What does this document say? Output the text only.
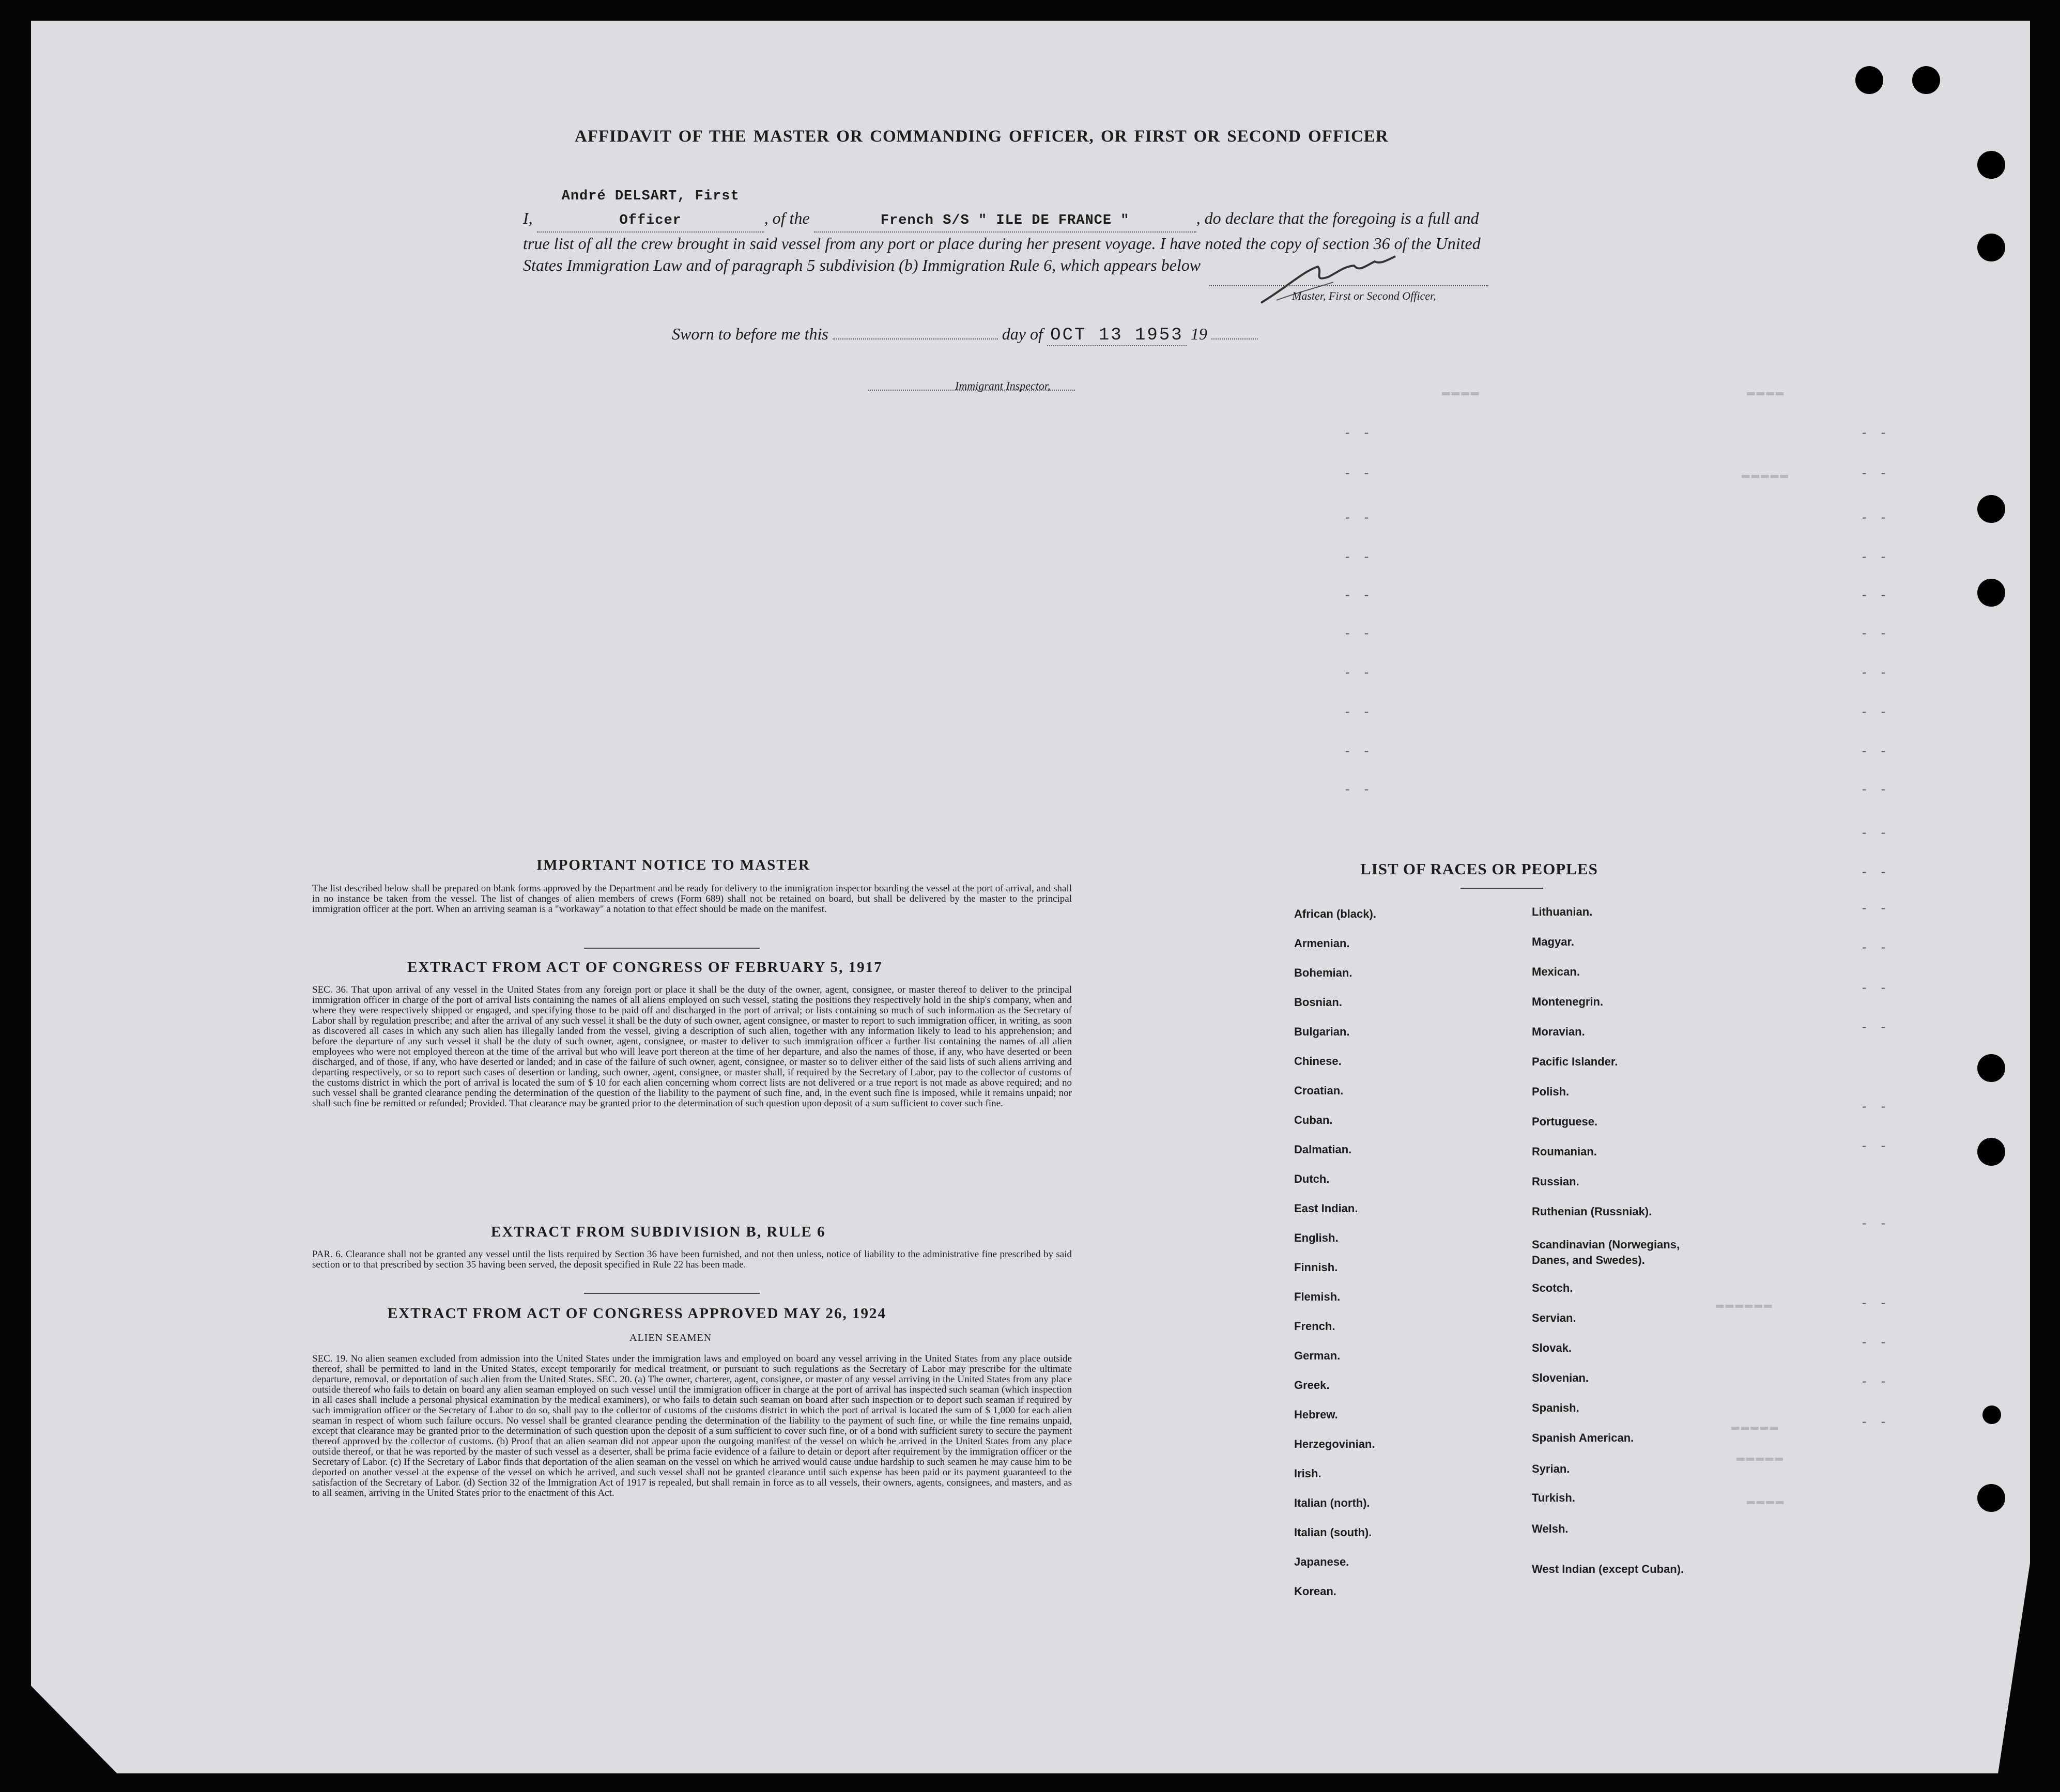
▬▬▬▬	▬▬▬▬
▬▬▬▬▬
▬▬▬▬▬▬
▬▬▬▬▬
▬▬▬▬
▬▬▬▬▬
- -	- -
- -	- -
- -	- -
- -	- -
- -	- -
- -	- -
- -	- -
- -	- -
- -	- -
- -	- -
- -
- -
- -
- -
- -
- -
- -
- -
- -
- -
- -
- -
- -
AFFIDAVIT OF THE MASTER OR COMMANDING OFFICER, OR FIRST OR SECOND OFFICER
I, André DELSART, First Officer	, of the	French S/S " ILE DE FRANCE "	, do declare that the foregoing is a full and true list of all the crew brought in said vessel from any port or place during her present voyage. I have noted the copy of section 36 of the United States Immigration Law and of paragraph 5 subdivision (b) Immigration Rule 6, which appears below
Master, First or Second Officer,
Sworn to before me this	day of OCT 13 1953 19
Immigrant Inspector,
IMPORTANT NOTICE TO MASTER
The list described below shall be prepared on blank forms approved by the Department and be ready for delivery to the immigration inspector boarding the vessel at the port of arrival, and shall in no instance be taken from the vessel. The list of changes of alien members of crews (Form 689) shall not be retained on board, but shall be delivered by the master to the principal immigration officer at the port. When an arriving seaman is a "workaway" a notation to that effect should be made on the manifest.
EXTRACT FROM ACT OF CONGRESS OF FEBRUARY 5, 1917
SEC. 36. That upon arrival of any vessel in the United States from any foreign port or place it shall be the duty of the owner, agent, consignee, or master thereof to deliver to the principal immigration officer in charge of the port of arrival lists containing the names of all aliens employed on such vessel, stating the positions they respectively hold in the ship's company, when and where they were respectively shipped or engaged, and specifying those to be paid off and discharged in the port of arrival; or lists containing so much of such information as the Secretary of Labor shall by regulation prescribe; and after the arrival of any such vessel it shall be the duty of such owner, agent consignee, or master to report to such immigration officer, in writing, as soon as discovered all cases in which any such alien has illegally landed from the vessel, giving a description of such alien, together with any information likely to lead to his apprehension; and before the departure of any such vessel it shall be the duty of such owner, agent, consignee, or master to deliver to such immigration officer a further list containing the names of all alien employees who were not employed thereon at the time of the arrival but who will leave port thereon at the time of her departure, and also the names of those, if any, who have deserted or been discharged, and of those, if any, who have deserted or landed; and in case of the failure of such owner, agent, consignee, or master so to deliver either of the said lists of such aliens arriving and departing respectively, or so to report such cases of desertion or landing, such owner, agent, consignee, or master shall, if required by the Secretary of Labor, pay to the collector of customs of the customs district in which the port of arrival is located the sum of $ 10 for each alien concerning whom correct lists are not delivered or a true report is not made as above required; and no such vessel shall be granted clearance pending the determination of the question of the liability to the payment of such fine, and, in the event such fine is imposed, while it remains unpaid; nor shall such fine be remitted or refunded; Provided. That clearance may be granted prior to the determination of such question upon deposit of a sum sufficient to cover such fine.
EXTRACT FROM SUBDIVISION B, RULE 6
PAR. 6. Clearance shall not be granted any vessel until the lists required by Section 36 have been furnished, and not then unless, notice of liability to the administrative fine prescribed by said section or to that prescribed by section 35 having been served, the deposit specified in Rule 22 has been made.
EXTRACT FROM ACT OF CONGRESS APPROVED MAY 26, 1924
ALIEN SEAMEN
SEC. 19. No alien seamen excluded from admission into the United States under the immigration laws and employed on board any vessel arriving in the United States from any place outside thereof, shall be permitted to land in the United States, except temporarily for medical treatment, or pursuant to such regulations as the Secretary of Labor may prescribe for the ultimate departure, removal, or deportation of such alien from the United States. SEC. 20. (a) The owner, charterer, agent, consignee, or master of any vessel arriving in the United States from any place outside thereof who fails to detain on board any alien seaman employed on such vessel until the immigration officer in charge at the port of arrival has inspected such seaman (which inspection in all cases shall include a personal physical examination by the medical examiners), or who fails to detain such seaman on board after such inspection or to deport such seaman if required by such immigration officer or the Secretary of Labor to do so, shall pay to the collector of customs of the customs district in which the port of arrival is located the sum of $ 1,000 for each alien seaman in respect of whom such failure occurs. No vessel shall be granted clearance pending the determination of the liability to the payment of such fine, or while the fine remains unpaid, except that clearance may be granted prior to the determination of such question upon the deposit of a sum sufficient to cover such fine, or of a bond with sufficient surety to secure the payment thereof approved by the collector of customs. (b) Proof that an alien seaman did not appear upon the outgoing manifest of the vessel on which he arrived in the United States from any place outside thereof, or that he was reported by the master of such vessel as a deserter, shall be prima facie evidence of a failure to detain or deport after requirement by the immigration officer or the Secretary of Labor. (c) If the Secretary of Labor finds that deportation of the alien seaman on the vessel on which he arrived would cause undue hardship to such seamen he may cause him to be deported on another vessel at the expense of the vessel on which he arrived, and such vessel shall not be granted clearance until such expense has been paid or its payment guaranteed to the satisfaction of the Secretary of Labor. (d) Section 32 of the Immigration Act of 1917 is repealed, but shall remain in force as to all vessels, their owners, agents, consignees, and masters, and as to all seamen, arriving in the United States prior to the enactment of this Act.
LIST OF RACES OR PEOPLES
African (black).
Armenian.
Bohemian.
Bosnian.
Bulgarian.
Chinese.
Croatian.
Cuban.
Dalmatian.
Dutch.
East Indian.
English.
Finnish.
Flemish.
French.
German.
Greek.
Hebrew.
Herzegovinian.
Irish.
Italian (north).
Italian (south).
Japanese.
Korean.
Lithuanian.
Magyar.
Mexican.
Montenegrin.
Moravian.
Pacific Islander.
Polish.
Portuguese.
Roumanian.
Russian.
Ruthenian (Russniak).
Scandinavian (Norwegians, Danes, and Swedes).
Scotch.
Servian.
Slovak.
Slovenian.
Spanish.
Spanish American.
Syrian.
Turkish.
Welsh.
West Indian (except Cuban).
